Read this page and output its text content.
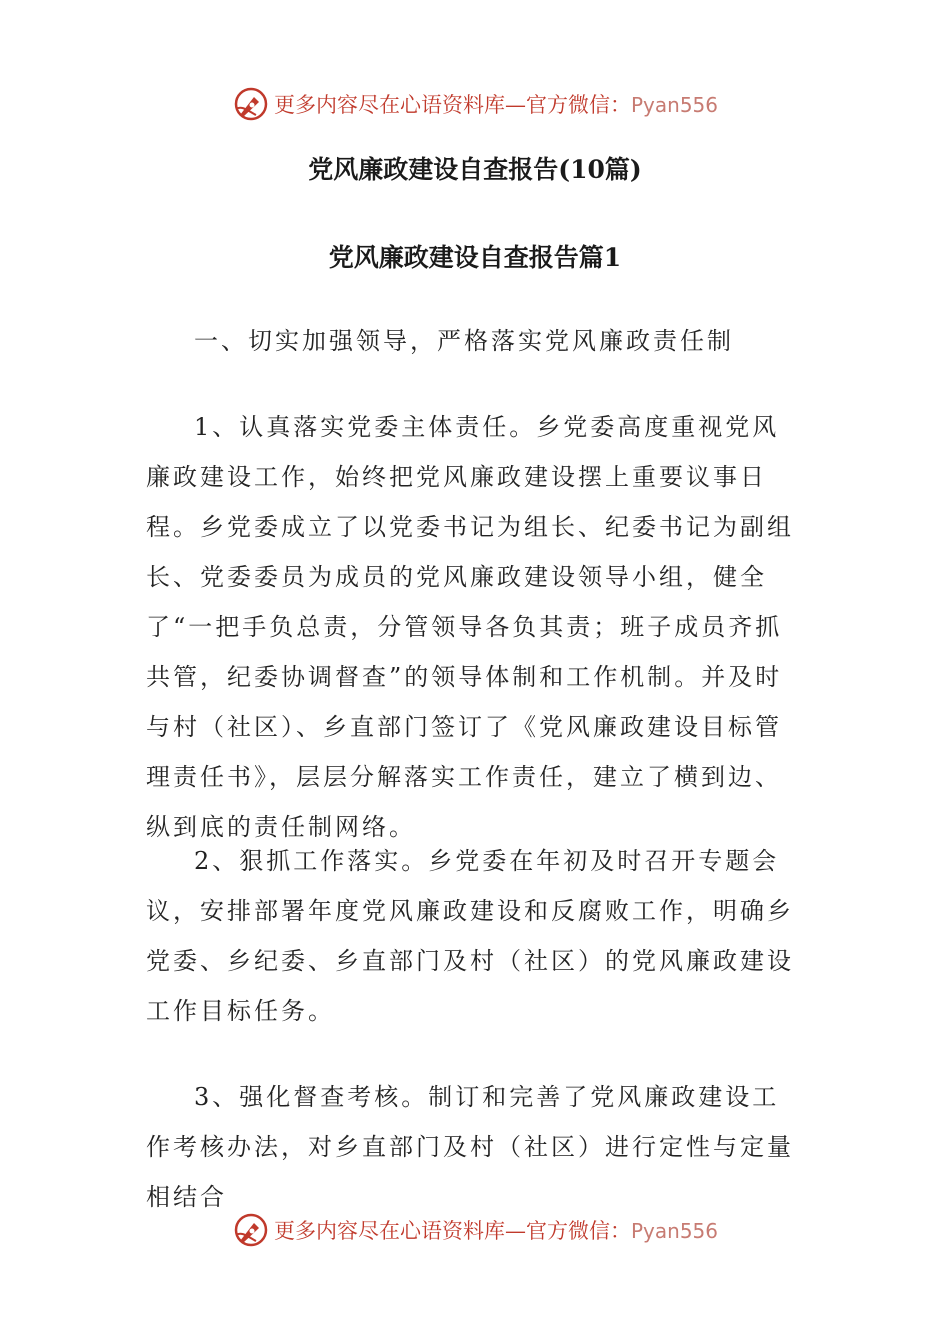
更多内容尽在心语资料库—官方微信：Pyan556
党风廉政建设自查报告(10篇)
党风廉政建设自查报告篇1

一、切实加强领导，严格落实党风廉政责任制

1、认真落实党委主体责任。乡党委高度重视党风廉政建设工作，始终把党风廉政建设摆上重要议事日程。乡党委成立了以党委书记为组长、纪委书记为副组长、党委委员为成员的党风廉政建设领导小组，健全了“一把手负总责，分管领导各负其责；班子成员齐抓共管，纪委协调督查”的领导体制和工作机制。并及时与村（社区）、乡直部门签订了《党风廉政建设目标管理责任书》，层层分解落实工作责任，建立了横到边、纵到底的责任制网络。

2、狠抓工作落实。乡党委在年初及时召开专题会议，安排部署年度党风廉政建设和反腐败工作，明确乡党委、乡纪委、乡直部门及村（社区）的党风廉政建设工作目标任务。

3、强化督查考核。制订和完善了党风廉政建设工作考核办法，对乡直部门及村（社区）进行定性与定量相结合

更多内容尽在心语资料库—官方微信：Pyan556
